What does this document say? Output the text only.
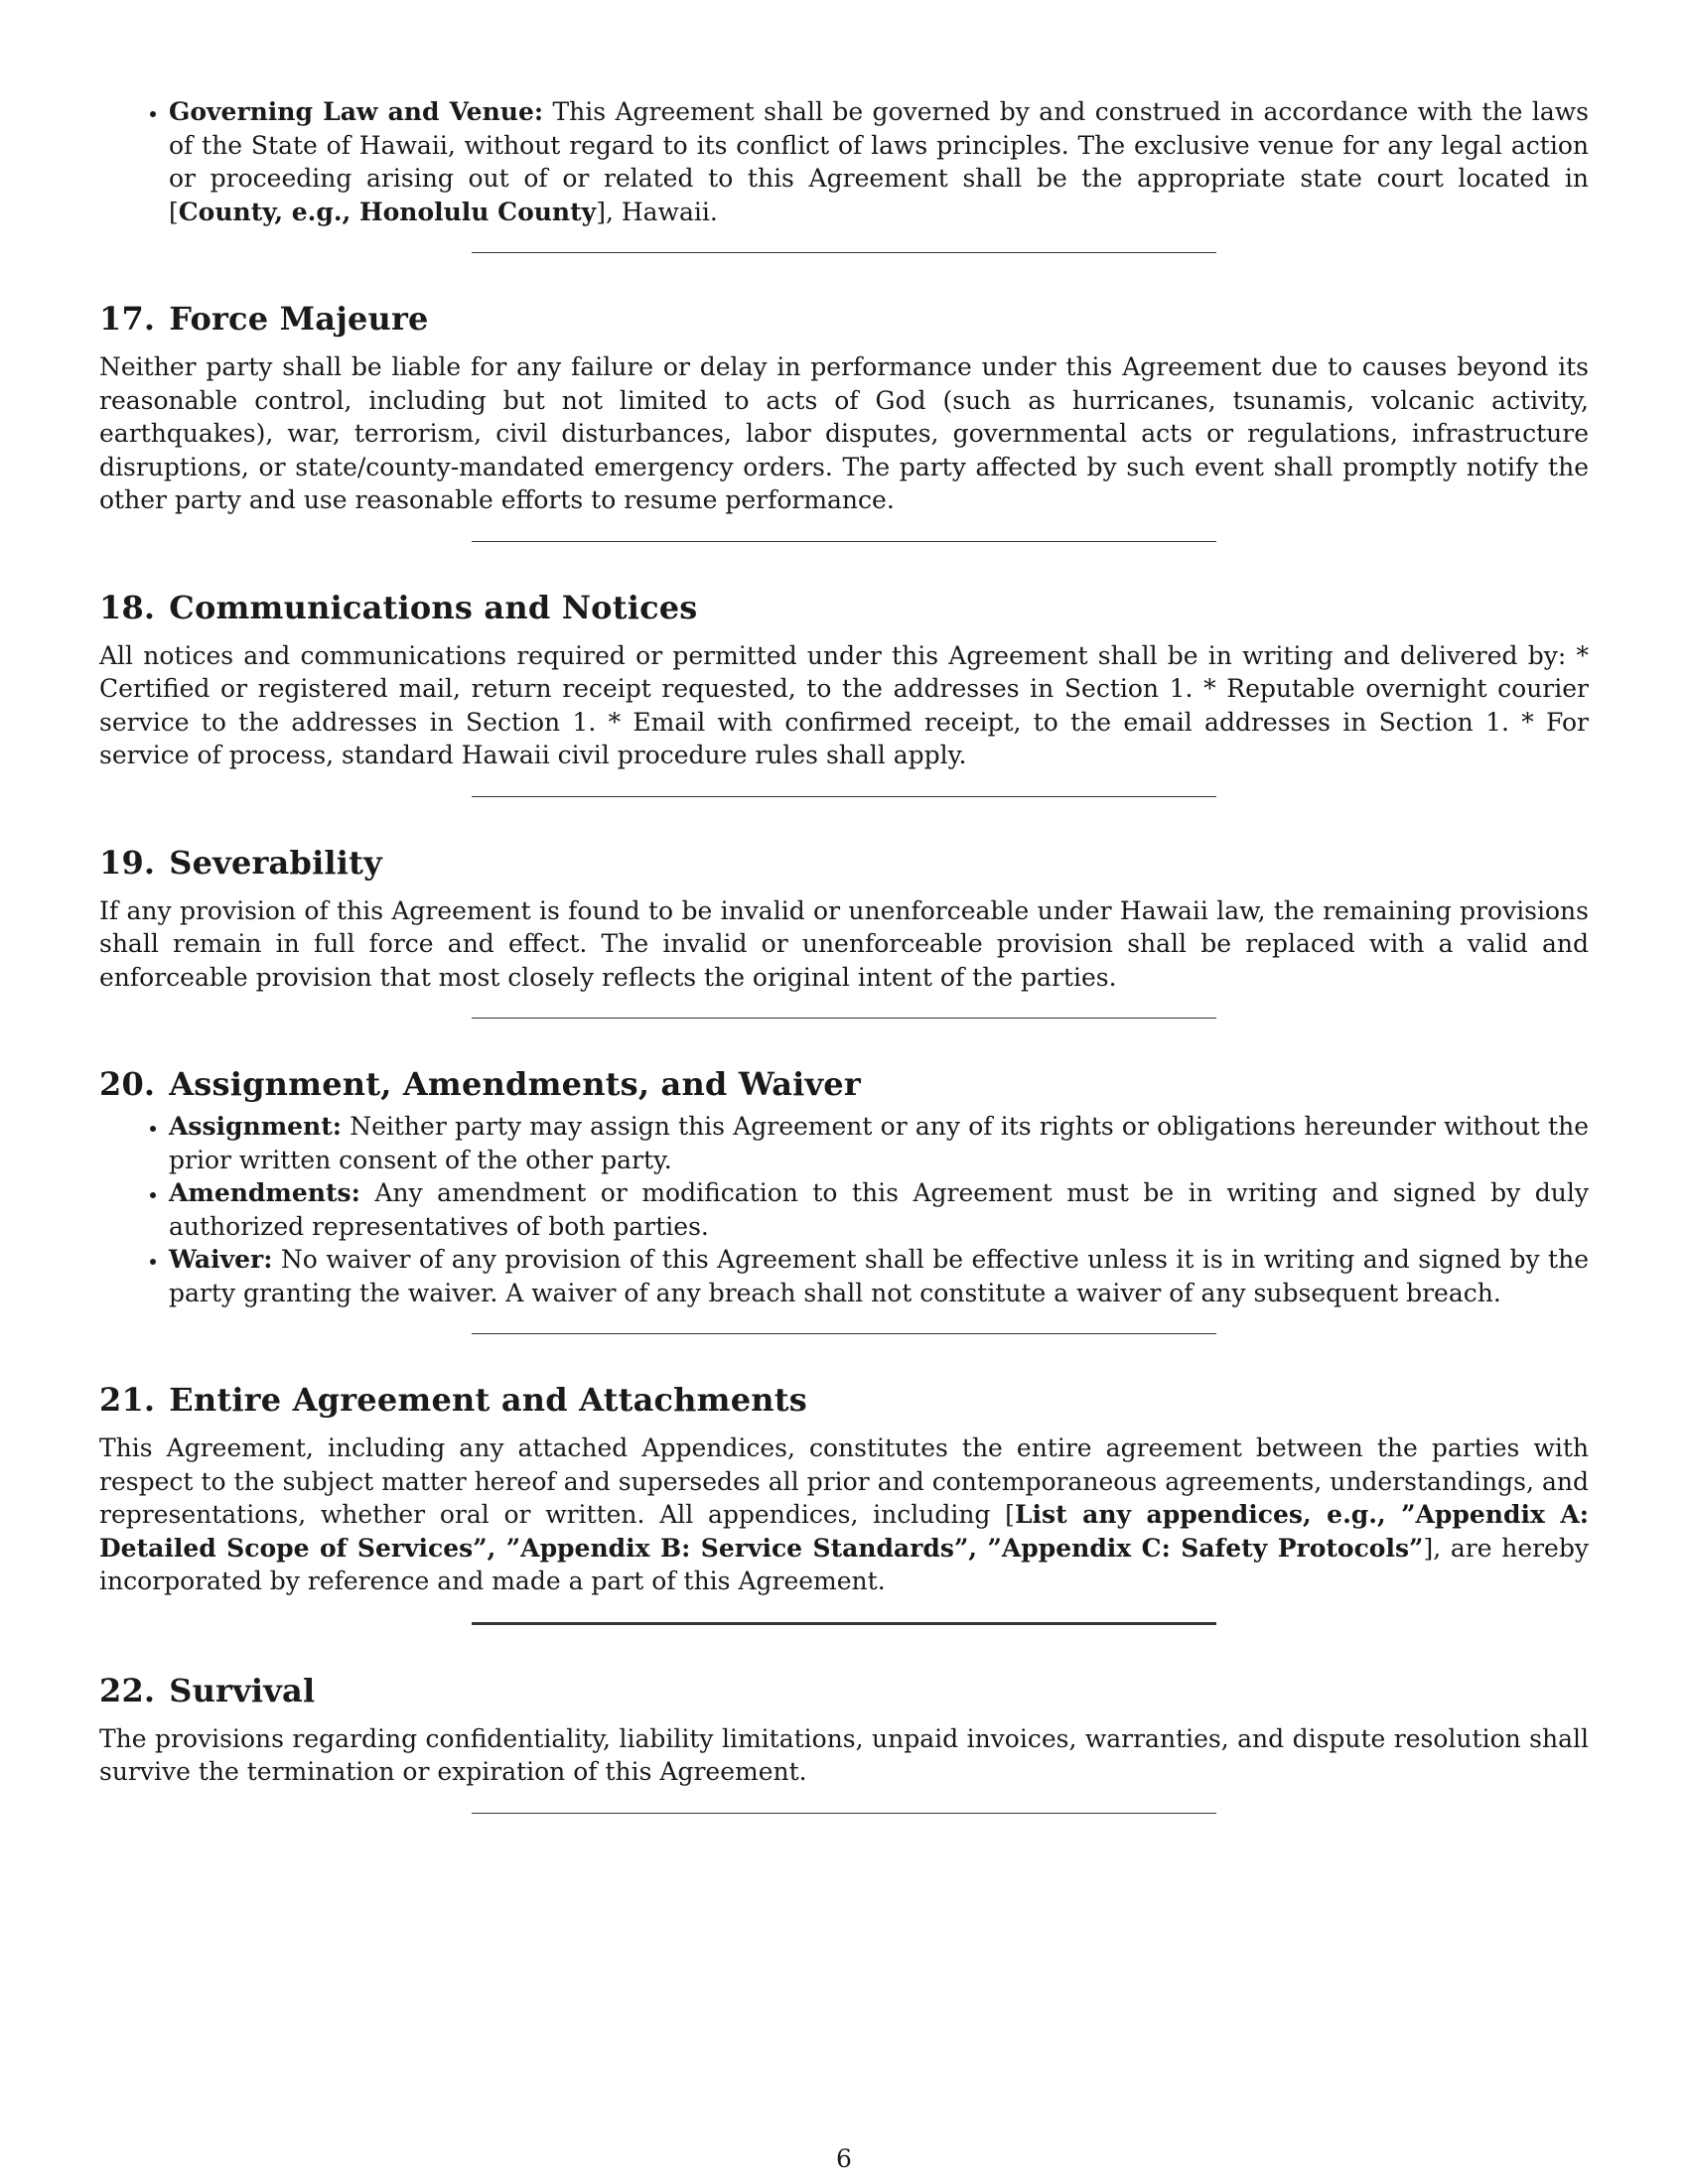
• Governing Law and Venue: This Agreement shall be governed by and construed in accordance with the laws of the State of Hawaii, without regard to its conflict of laws principles. The exclusive venue for any legal action or proceeding arising out of or related to this Agreement shall be the appropriate state court located in [County, e.g., Honolulu County], Hawaii.
17. Force Majeure

Neither party shall be liable for any failure or delay in performance under this Agreement due to causes beyond its reasonable control, including but not limited to acts of God (such as hurricanes, tsunamis, volcanic activity, earthquakes), war, terrorism, civil disturbances, labor disputes, governmental acts or regulations, infrastructure disruptions, or state/county-mandated emergency orders. The party affected by such event shall promptly notify the other party and use reasonable efforts to resume performance.

18. Communications and Notices

All notices and communications required or permitted under this Agreement shall be in writing and delivered by: * Certified or registered mail, return receipt requested, to the addresses in Section 1. * Reputable overnight courier service to the addresses in Section 1. * Email with confirmed receipt, to the email addresses in Section 1. * For service of process, standard Hawaii civil procedure rules shall apply.

19. Severability

If any provision of this Agreement is found to be invalid or unenforceable under Hawaii law, the remaining provisions shall remain in full force and effect. The invalid or unenforceable provision shall be replaced with a valid and enforceable provision that most closely reflects the original intent of the parties.

20. Assignment, Amendments, and Waiver
• Assignment: Neither party may assign this Agreement or any of its rights or obligations hereunder without the prior written consent of the other party.
• Amendments: Any amendment or modification to this Agreement must be in writing and signed by duly authorized representatives of both parties.
• Waiver: No waiver of any provision of this Agreement shall be effective unless it is in writing and signed by the party granting the waiver. A waiver of any breach shall not constitute a waiver of any subsequent breach.
21. Entire Agreement and Attachments

This Agreement, including any attached Appendices, constitutes the entire agreement between the parties with respect to the subject matter hereof and supersedes all prior and contemporaneous agreements, understandings, and representations, whether oral or written. All appendices, including [List any appendices, e.g., ”Appendix A: Detailed Scope of Services”, ”Appendix B: Service Standards”, ”Appendix C: Safety Protocols”], are hereby incorporated by reference and made a part of this Agreement.

22. Survival

The provisions regarding confidentiality, liability limitations, unpaid invoices, warranties, and dispute resolution shall survive the termination or expiration of this Agreement.

6
